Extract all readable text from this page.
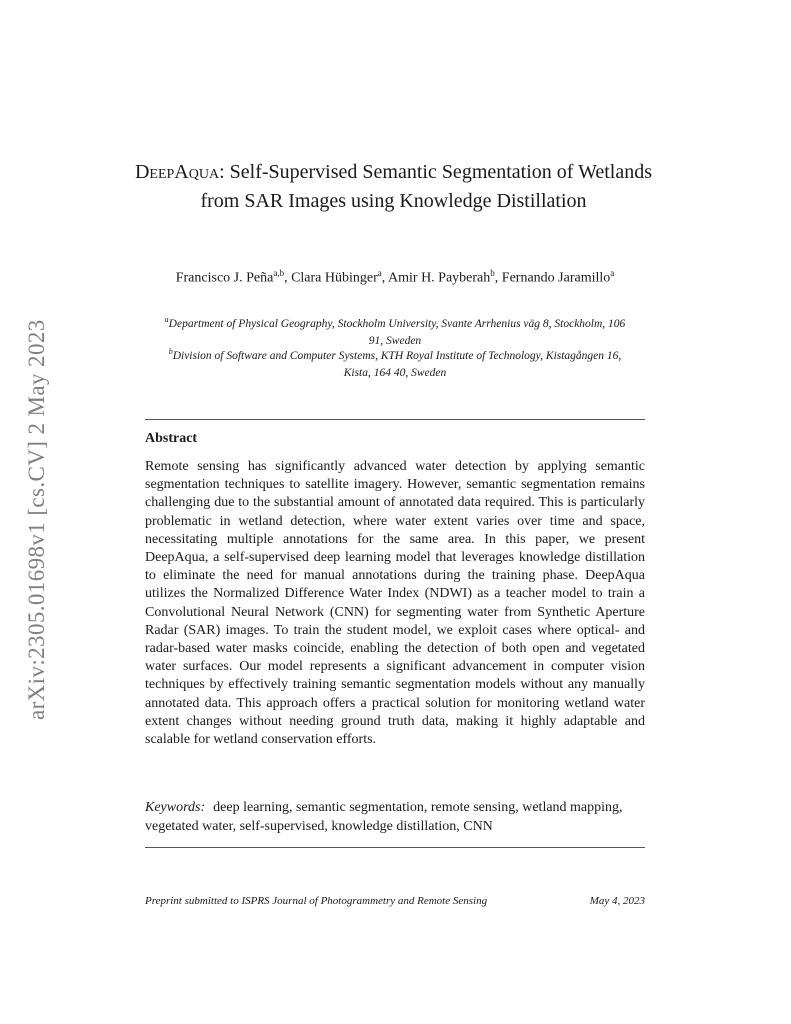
arXiv:2305.01698v1 [cs.CV] 2 May 2023
DeepAqua: Self-Supervised Semantic Segmentation of Wetlands from SAR Images using Knowledge Distillation
Francisco J. Peña$^{a,b}$, Clara Hübinger$^a$, Amir H. Payberah$^b$, Fernando Jaramillo$^a$
$^a$Department of Physical Geography, Stockholm University, Svante Arrhenius väg 8, Stockholm, 106 91, Sweden
$^b$Division of Software and Computer Systems, KTH Royal Institute of Technology, Kistagången 16, Kista, 164 40, Sweden
Abstract

Remote sensing has significantly advanced water detection by applying semantic segmentation techniques to satellite imagery. However, semantic segmentation remains challenging due to the substantial amount of annotated data required. This is particularly problematic in wetland detection, where water extent varies over time and space, necessitating multiple annotations for the same area. In this paper, we present DeepAqua, a self-supervised deep learning model that leverages knowledge distillation to eliminate the need for manual annotations during the training phase. DeepAqua utilizes the Normalized Difference Water Index (NDWI) as a teacher model to train a Convolutional Neural Network (CNN) for segmenting water from Synthetic Aperture Radar (SAR) images. To train the student model, we exploit cases where optical- and radar-based water masks coincide, enabling the detection of both open and vegetated water surfaces. Our model represents a significant advancement in computer vision techniques by effectively training semantic segmentation models without any manually annotated data. This approach offers a practical solution for monitoring wetland water extent changes without needing ground truth data, making it highly adaptable and scalable for wetland conservation efforts.

Keywords: deep learning, semantic segmentation, remote sensing, wetland mapping, vegetated water, self-supervised, knowledge distillation, CNN

Preprint submitted to ISPRS Journal of Photogrammetry and Remote Sensing	May 4, 2023
